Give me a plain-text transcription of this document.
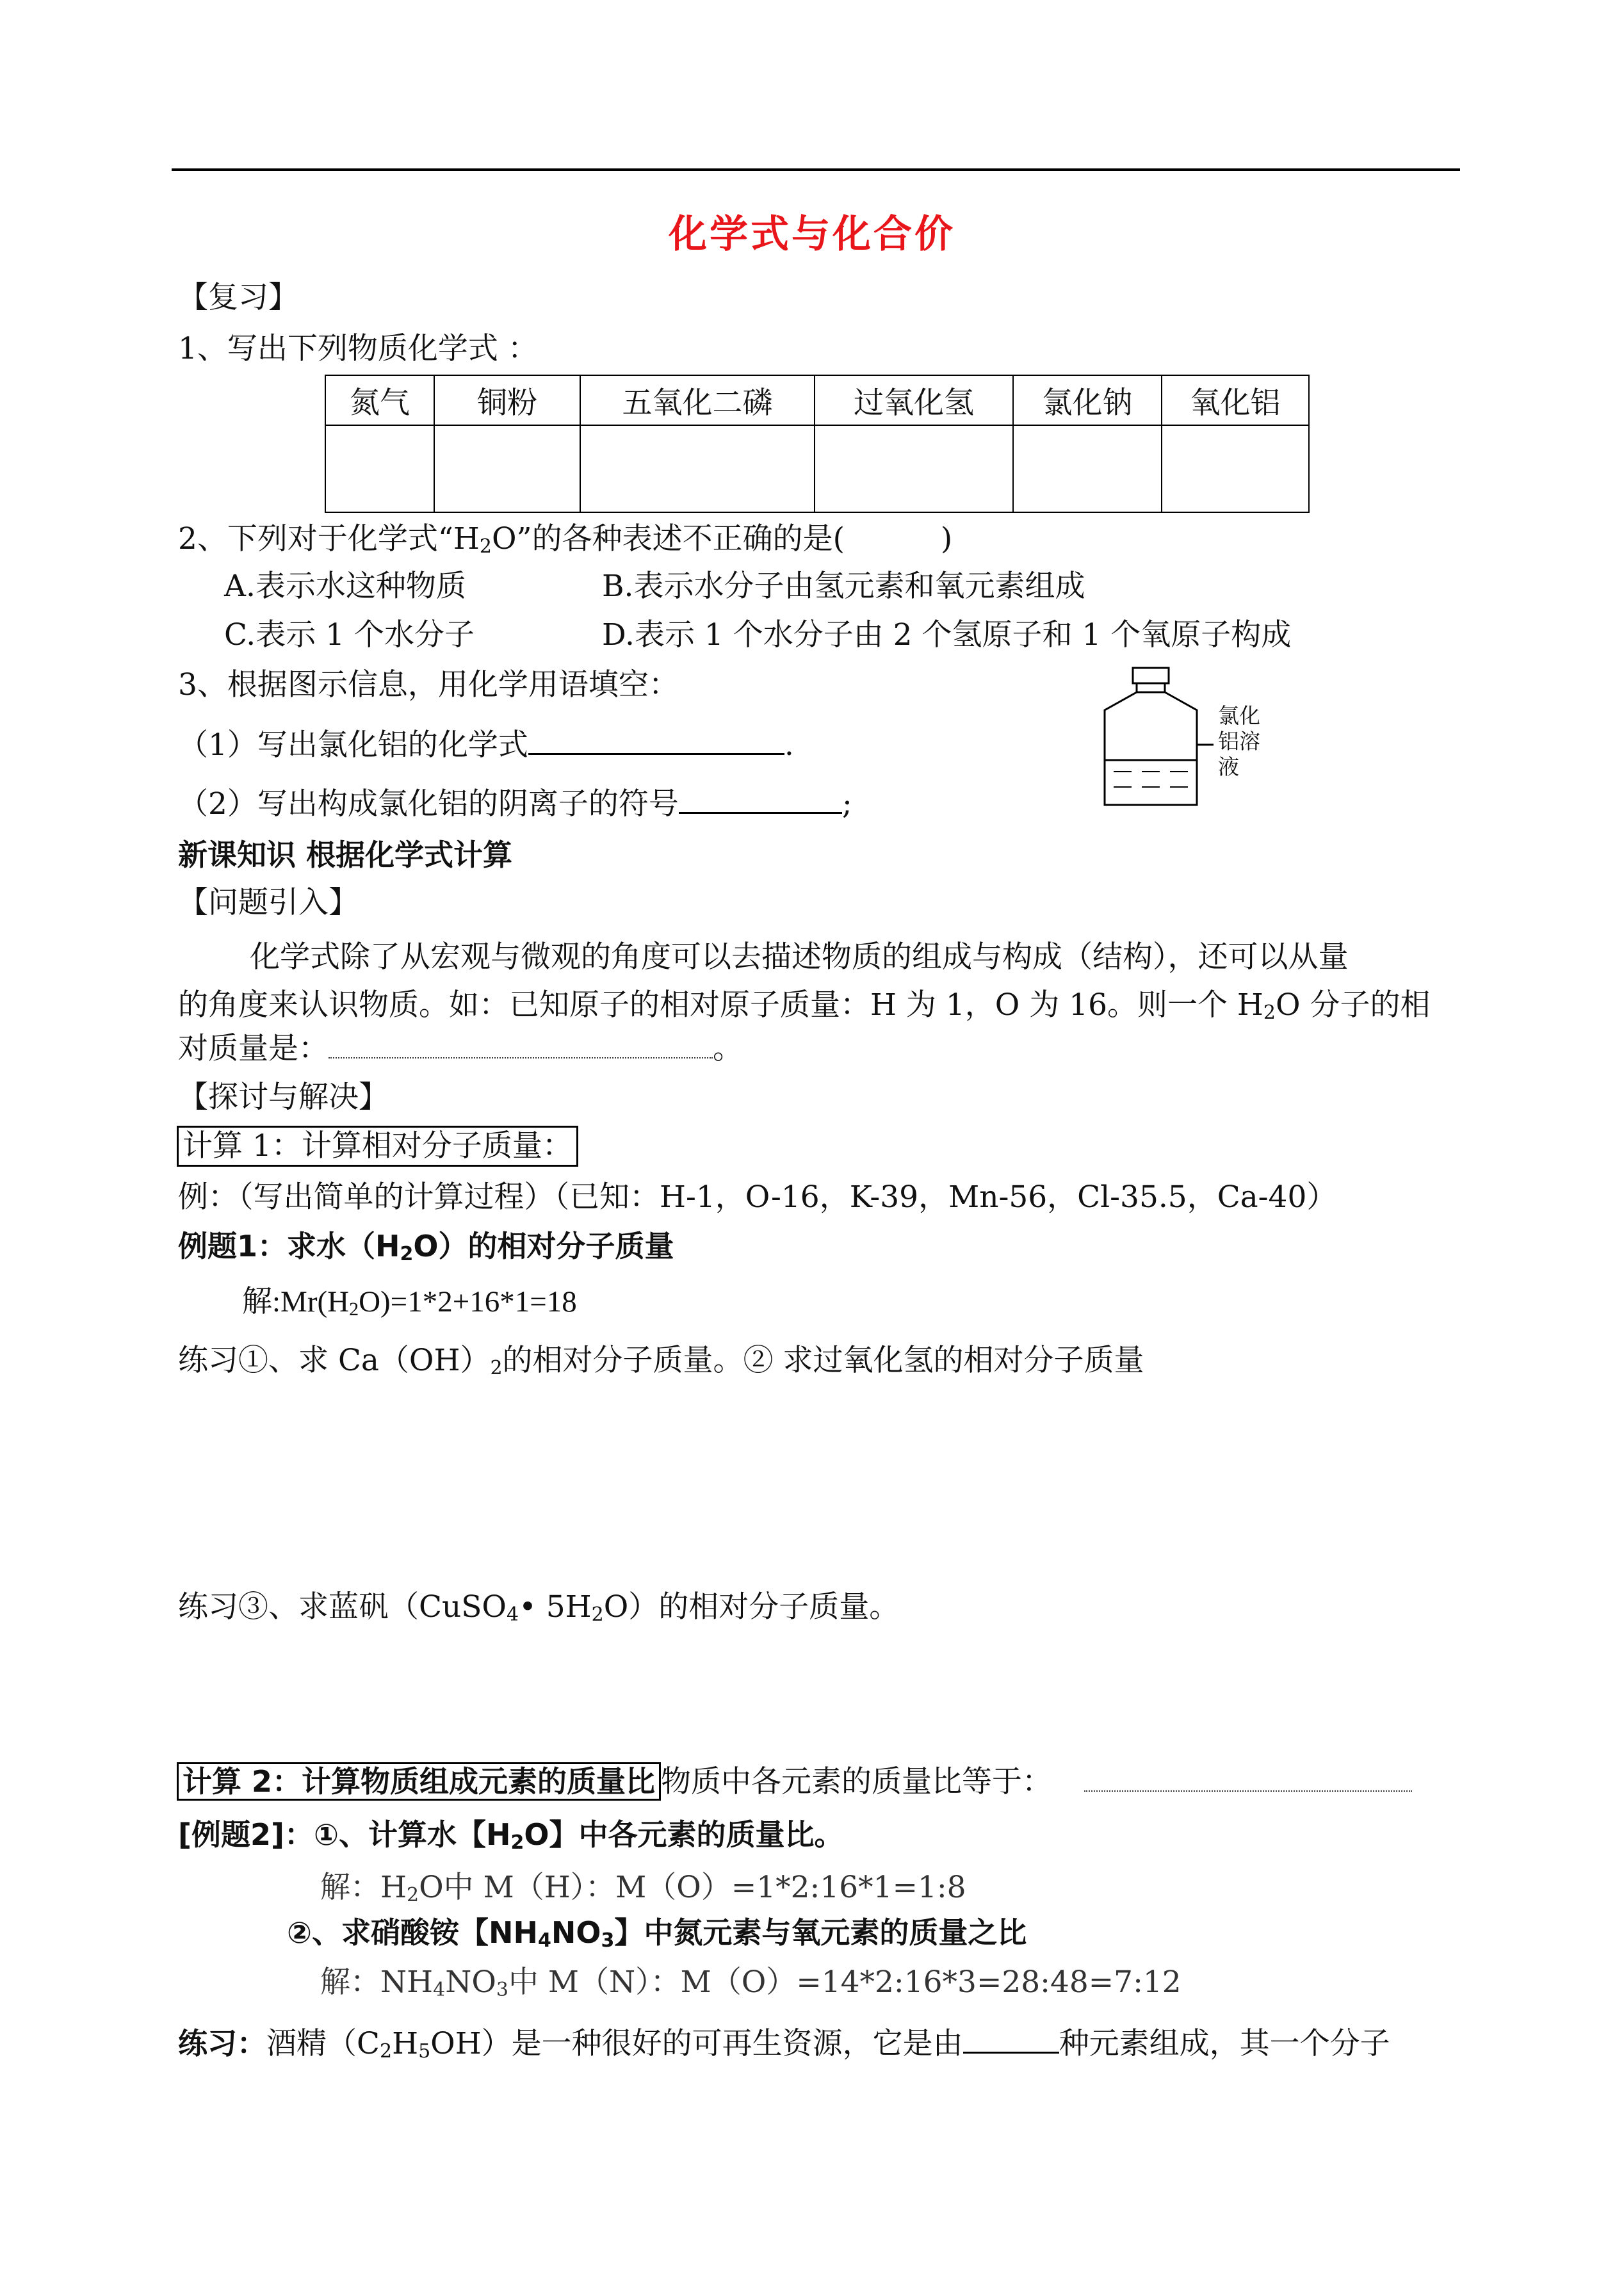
化学式与化合价
【复习】
1、写出下列物质化学式 ：
氮气	铜粉	五氧化二磷	过氧化氢	氯化钠	氧化铝

2、下列对于化学式“$H_2O$”的各种表述不正确的是(	)
A.表示水这种物质	B.表示水分子由氢元素和氧元素组成
C.表示 1 个水分子	D.表示 1 个水分子由 2 个氢原子和 1 个氧原子构成
3、根据图示信息，用化学用语填空：
（1）写出氯化铝的化学式	.
（2）写出构成氯化铝的阴离子的符号	;
氯化
铝溶
液
新课知识 根据化学式计算
【问题引入】
化学式除了从宏观与微观的角度可以去描述物质的组成与构成（结构），还可以从量
的角度来认识物质。如：已知原子的相对原子质量：H 为 1，O 为 16。则一个 $H_2O$ 分子的相
对质量是：	。
【探讨与解决】
计算 1：计算相对分子质量：
例：（写出简单的计算过程）（已知：H-1，O-16，K-39，Mn-56，Cl-35.5，Ca-40）
例题1：求水$(H_2O)$的相对分子质量
解$:Mr(H_2O)=1*2+16*1=18$
练习①、求 $Ca(OH)_2$的相对分子质量。② 求过氧化氢的相对分子质量
练习③、求蓝矾（CuSO$_4$• $5H_2O$）的相对分子质量。
计算 2：计算物质组成元素的质量比 物质中各元素的质量比等于：
[例题2]：①、计算水【$H_2O$】中各元素的质量比。
解：$H_2O$中 M（H）：M（O）=1*2:16*1=1:8
②、求硝酸铵【$NH_4NO_3$】中氮元素与氧元素的质量之比
解：$NH_4NO_3$中 M（N）：M（O）=14*2:16*3=28:48=7:12
练习：酒精$(C_2H_5OH)$是一种很好的可再生资源，它是由	种元素组成，其一个分子
